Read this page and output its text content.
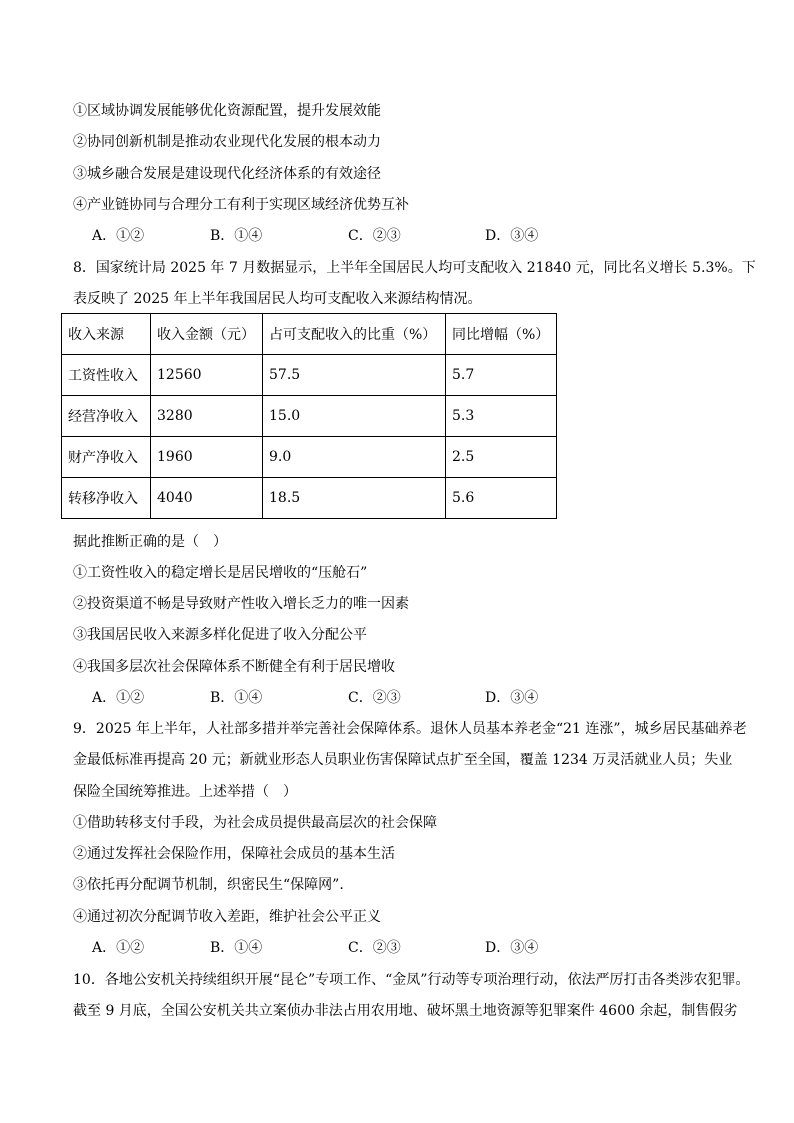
①区域协调发展能够优化资源配置，提升发展效能
②协同创新机制是推动农业现代化发展的根本动力
③城乡融合发展是建设现代化经济体系的有效途径
④产业链协同与合理分工有利于实现区域经济优势互补
A．①②	B．①④	C．②③	D．③④
8．国家统计局 2025 年 7 月数据显示，上半年全国居民人均可支配收入 21840 元，同比名义增长 5.3%。下
表反映了 2025 年上半年我国居民人均可支配收入来源结构情况。
收入来源	收入金额（元）	占可支配收入的比重（%）	同比增幅（%）
工资性收入	12560	57.5	5.7
经营净收入	3280	15.0	5.3
财产净收入	1960	9.0	2.5
转移净收入	4040	18.5	5.6
据此推断正确的是（　）
①工资性收入的稳定增长是居民增收的“压舱石”
②投资渠道不畅是导致财产性收入增长乏力的唯一因素
③我国居民收入来源多样化促进了收入分配公平
④我国多层次社会保障体系不断健全有利于居民增收
A．①②	B．①④	C．②③	D．③④
9．2025 年上半年，人社部多措并举完善社会保障体系。退休人员基本养老金“21 连涨”，城乡居民基础养老
金最低标准再提高 20 元；新就业形态人员职业伤害保障试点扩至全国，覆盖 1234 万灵活就业人员；失业
保险全国统筹推进。上述举措（　）
①借助转移支付手段，为社会成员提供最高层次的社会保障
②通过发挥社会保险作用，保障社会成员的基本生活
③依托再分配调节机制，织密民生“保障网”.
④通过初次分配调节收入差距，维护社会公平正义
A．①②	B．①④	C．②③	D．③④
10．各地公安机关持续组织开展“昆仑”专项工作、“金凤”行动等专项治理行动，依法严厉打击各类涉农犯罪。
截至 9 月底，全国公安机关共立案侦办非法占用农用地、破坏黑土地资源等犯罪案件 4600 余起，制售假劣
